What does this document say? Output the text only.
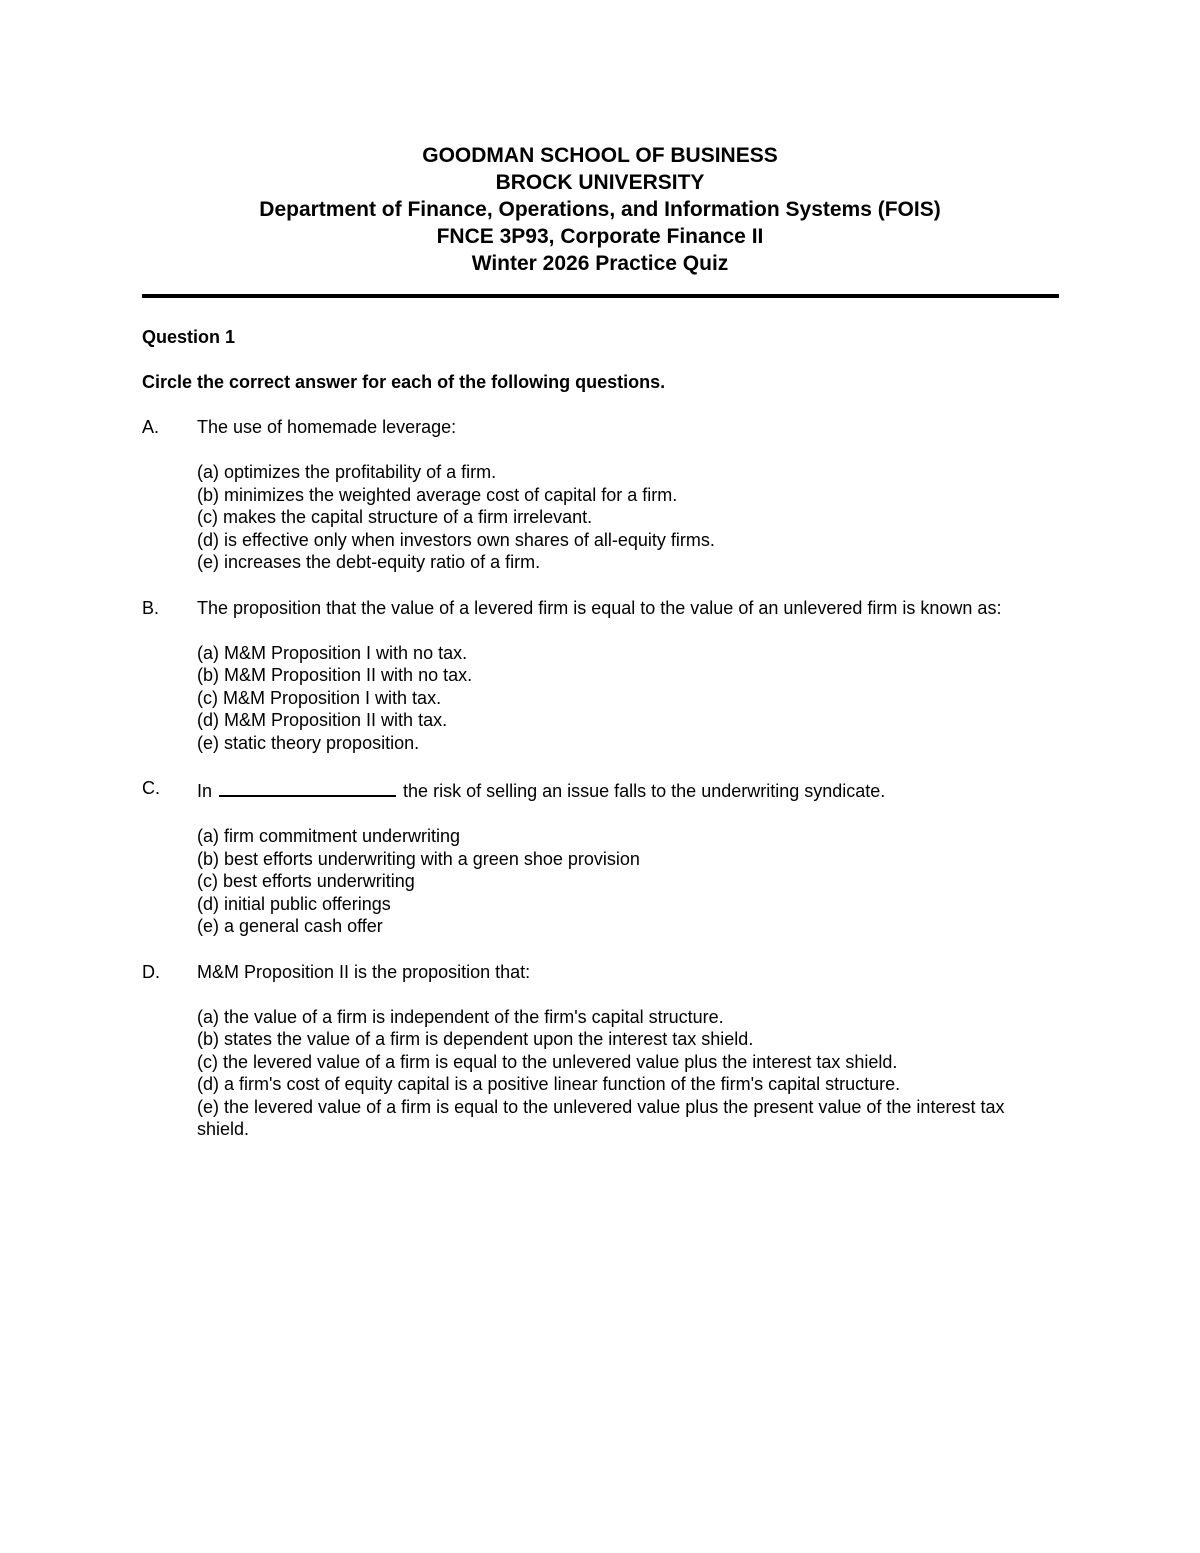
GOODMAN SCHOOL OF BUSINESS
BROCK UNIVERSITY
Department of Finance, Operations, and Information Systems (FOIS)
FNCE 3P93, Corporate Finance II
Winter 2026 Practice Quiz
Question 1
Circle the correct answer for each of the following questions.
A.	The use of homemade leverage:
(a) optimizes the profitability of a firm.
(b) minimizes the weighted average cost of capital for a firm.
(c) makes the capital structure of a firm irrelevant.
(d) is effective only when investors own shares of all-equity firms.
(e) increases the debt-equity ratio of a firm.
B.	The proposition that the value of a levered firm is equal to the value of an unlevered firm is known as:
(a) M&M Proposition I with no tax.
(b) M&M Proposition II with no tax.
(c) M&M Proposition I with tax.
(d) M&M Proposition II with tax.
(e) static theory proposition.
C.	In	the risk of selling an issue falls to the underwriting syndicate.
(a) firm commitment underwriting
(b) best efforts underwriting with a green shoe provision
(c) best efforts underwriting
(d) initial public offerings
(e) a general cash offer
D.	M&M Proposition II is the proposition that:
(a) the value of a firm is independent of the firm's capital structure.
(b) states the value of a firm is dependent upon the interest tax shield.
(c) the levered value of a firm is equal to the unlevered value plus the interest tax shield.
(d) a firm's cost of equity capital is a positive linear function of the firm's capital structure.
(e) the levered value of a firm is equal to the unlevered value plus the present value of the interest tax shield.
